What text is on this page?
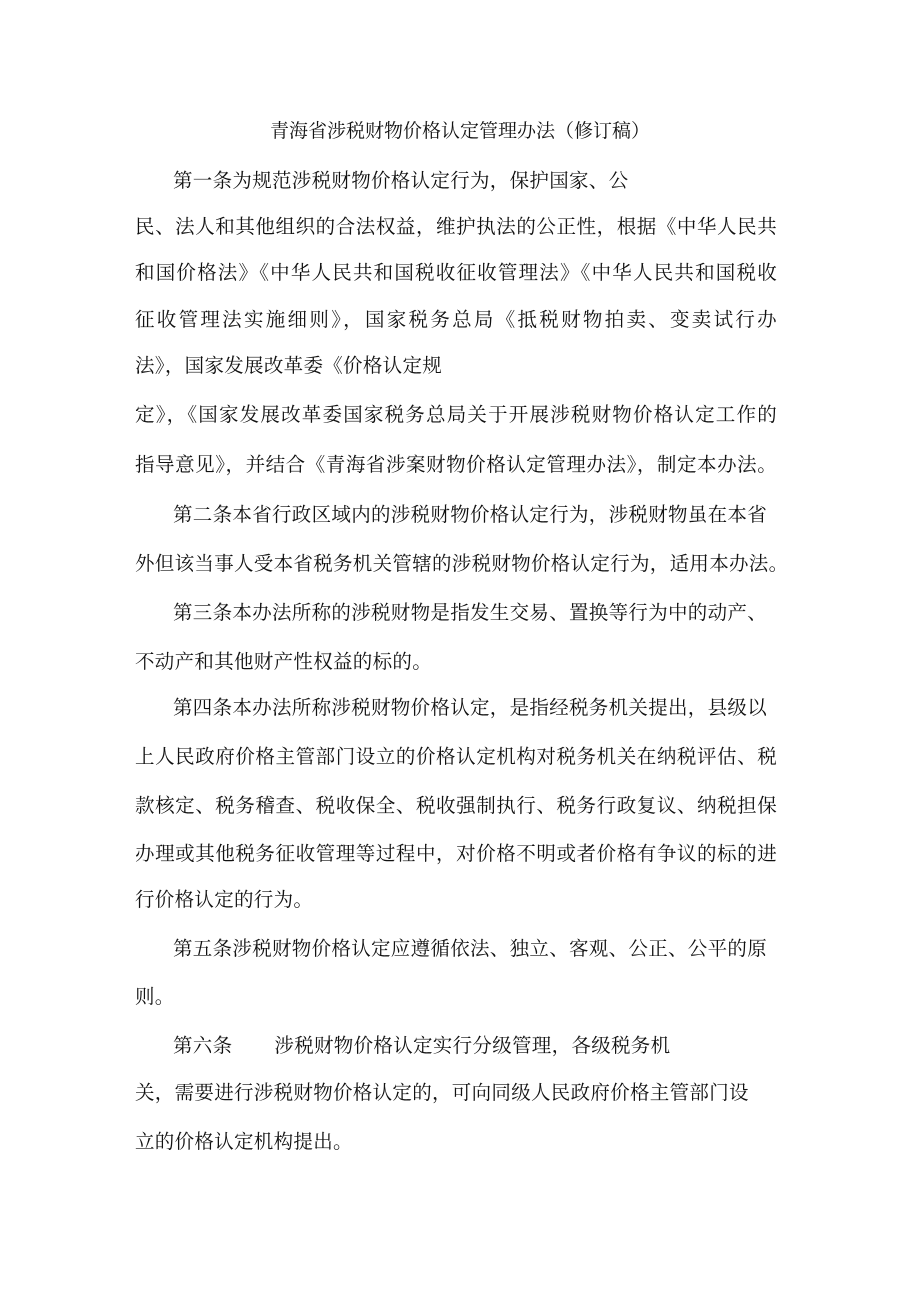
青海省涉税财物价格认定管理办法（修订稿）
第一条为规范涉税财物价格认定行为，保护国家、公
民、法人和其他组织的合法权益，维护执法的公正性，根据《中华人民共
和国价格法》《中华人民共和国税收征收管理法》《中华人民共和国税收
征收管理法实施细则》，国家税务总局《抵税财物拍卖、变卖试行办
法》，国家发展改革委《价格认定规
定》，《国家发展改革委国家税务总局关于开展涉税财物价格认定工作的
指导意见》，并结合《青海省涉案财物价格认定管理办法》，制定本办法。
第二条本省行政区域内的涉税财物价格认定行为，涉税财物虽在本省
外但该当事人受本省税务机关管辖的涉税财物价格认定行为，适用本办法。
第三条本办法所称的涉税财物是指发生交易、置换等行为中的动产、
不动产和其他财产性权益的标的。
第四条本办法所称涉税财物价格认定，是指经税务机关提出，县级以
上人民政府价格主管部门设立的价格认定机构对税务机关在纳税评估、税
款核定、税务稽查、税收保全、税收强制执行、税务行政复议、纳税担保
办理或其他税务征收管理等过程中，对价格不明或者价格有争议的标的进
行价格认定的行为。
第五条涉税财物价格认定应遵循依法、独立、客观、公正、公平的原
则。
第六条 涉税财物价格认定实行分级管理，各级税务机
关，需要进行涉税财物价格认定的，可向同级人民政府价格主管部门设
立的价格认定机构提出。
